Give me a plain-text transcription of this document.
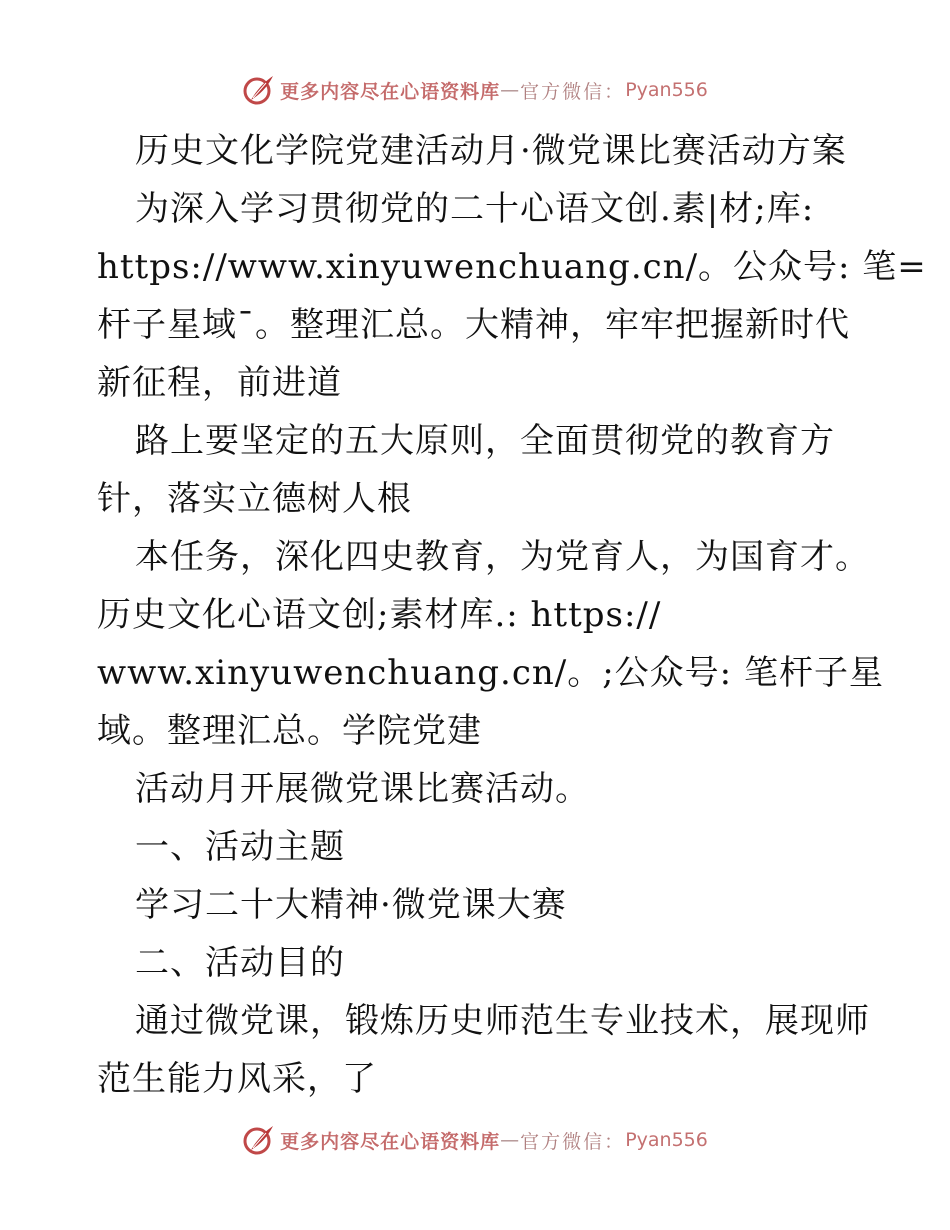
更多内容尽在心语资料库 — 官方微信： Pyan556

历史文化学院党建活动月·微党课比赛活动方案

为深入学习贯彻党的二十心语文创.素|材;库:

https://www.xinyuwenchuang.cn/。公众号: 笔=

杆子星域¯。整理汇总。大精神，牢牢把握新时代

新征程，前进道

路上要坚定的五大原则，全面贯彻党的教育方

针，落实立德树人根

本任务，深化四史教育，为党育人，为国育才。

历史文化心语文创;素材库.: https://

www.xinyuwenchuang.cn/。;公众号: 笔杆子星

域。整理汇总。学院党建

活动月开展微党课比赛活动。

一、活动主题

学习二十大精神·微党课大赛

二、活动目的

通过微党课，锻炼历史师范生专业技术，展现师

范生能力风采，了

更多内容尽在心语资料库 — 官方微信： Pyan556
